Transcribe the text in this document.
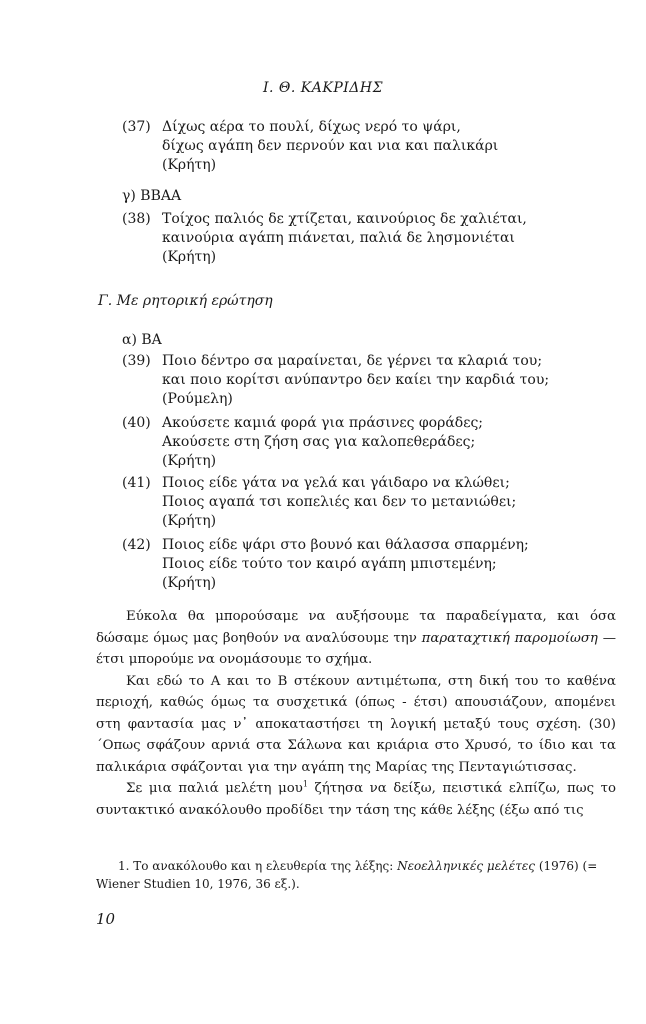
Ι. Θ. ΚΑΚΡΙΔΗΣ
(37) Δίχως αέρα το πουλί, δίχως νερό το ψάρι,
δίχως αγάπη δεν περνούν και νια και παλικάρι
(Κρήτη)
γ) ΒΒΑΑ
(38) Τοίχος παλιός δε χτίζεται, καινούριος δε χαλιέται,
καινούρια αγάπη πιάνεται, παλιά δε λησμονιέται
(Κρήτη)
Γ. Με ρητορική ερώτηση
α) ΒΑ
(39) Ποιο δέντρο σα μαραίνεται, δε γέρνει τα κλαριά του;
και ποιο κορίτσι ανύπαντρο δεν καίει την καρδιά του;
(Ρούμελη)
(40) Ακούσετε καμιά φορά για πράσινες φοράδες;
Ακούσετε στη ζήση σας για καλοπεθεράδες;
(Κρήτη)
(41) Ποιος είδε γάτα να γελά και γάιδαρο να κλώθει;
Ποιος αγαπά τσι κοπελιές και δεν το μετανιώθει;
(Κρήτη)
(42) Ποιος είδε ψάρι στο βουνό και θάλασσα σπαρμένη;
Ποιος είδε τούτο τον καιρό αγάπη μπιστεμένη;
(Κρήτη)

Εύκολα θα μπορούσαμε να αυξήσουμε τα παραδείγματα, και όσα δώσαμε όμως μας βοηθούν να αναλύσουμε την παραταχτική παρομοίωση —έτσι μπορούμε να ονομάσουμε το σχήμα.

Και εδώ το Α και το Β στέκουν αντιμέτωπα, στη δική του το καθένα περιοχή, καθώς όμως τα συσχετικά (όπως - έτσι) απουσιάζουν, απομένει στη φαντασία μας ν᾽ αποκαταστήσει τη λογική μεταξύ τους σχέση. (30) ΄Οπως σφάζουν αρνιά στα Σάλωνα και κριάρια στο Χρυσό, το ίδιο και τα παλικάρια σφάζονται για την αγάπη της Μαρίας της Πενταγιώτισσας.

Σε μια παλιά μελέτη μου$^1$ ζήτησα να δείξω, πειστικά ελπίζω, πως το συντακτικό ανακόλουθο προδίδει την τάση της κάθε λέξης (έξω από τις

1. Το ανακόλουθο και η ελευθερία της λέξης: Νεοελληνικές μελέτες (1976) (= Wiener Studien 10, 1976, 36 εξ.).
10
